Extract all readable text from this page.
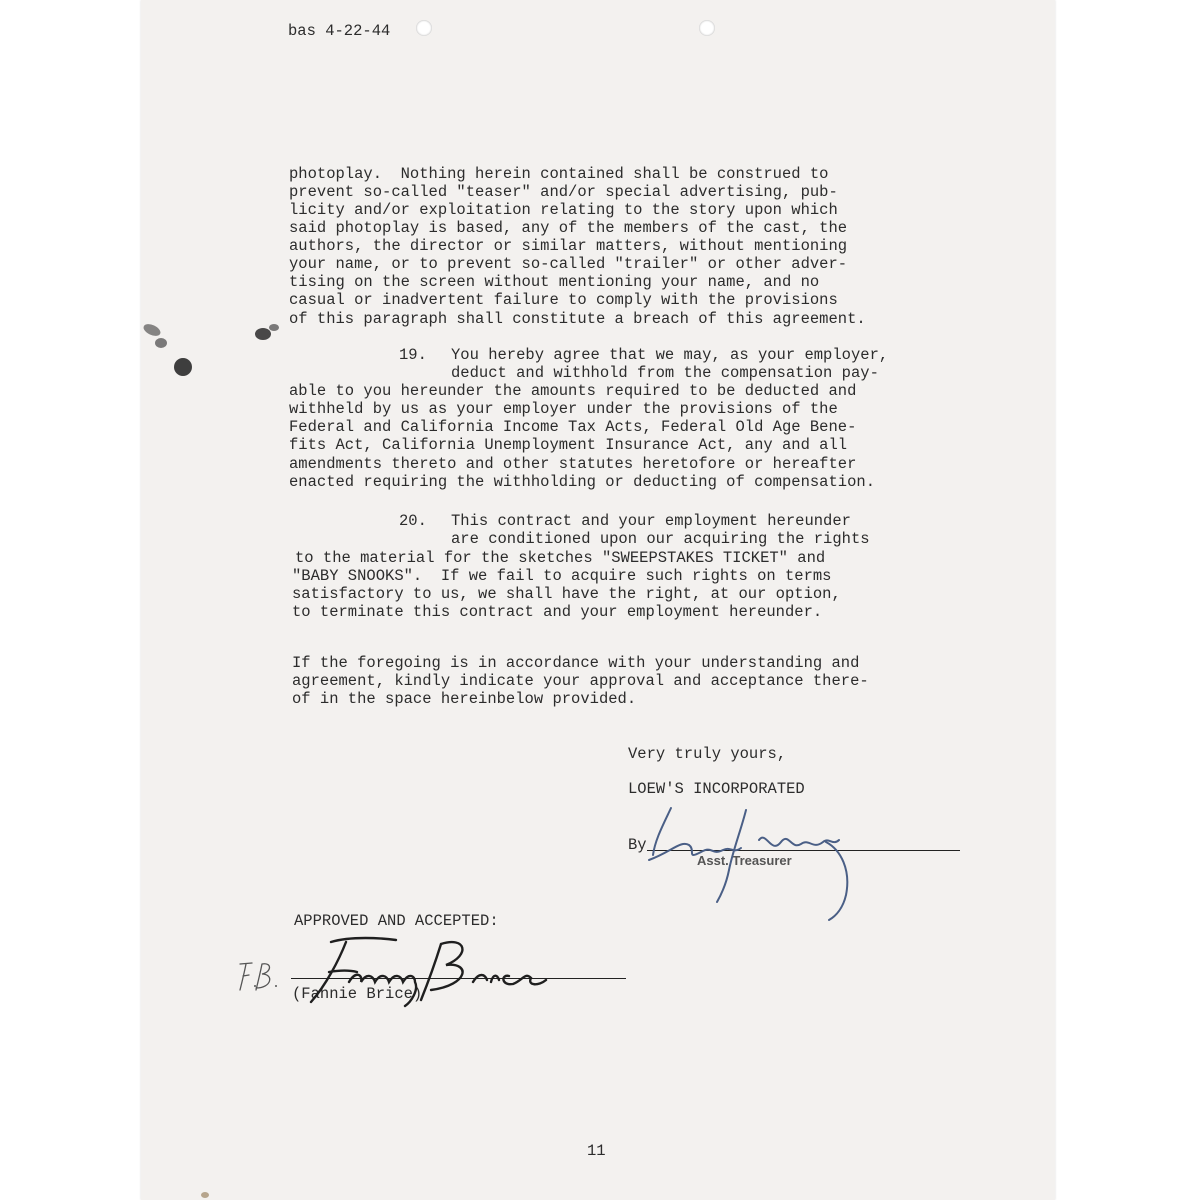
bas 4-22-44
photoplay.  Nothing herein contained shall be construed to
prevent so-called "teaser" and/or special advertising, pub-
licity and/or exploitation relating to the story upon which
said photoplay is based, any of the members of the cast, the
authors, the director or similar matters, without mentioning
your name, or to prevent so-called "trailer" or other adver-
tising on the screen without mentioning your name, and no
casual or inadvertent failure to comply with the provisions
of this paragraph shall constitute a breach of this agreement.
19. You hereby agree that we may, as your employer,
deduct and withhold from the compensation pay-
able to you hereunder the amounts required to be deducted and
withheld by us as your employer under the provisions of the
Federal and California Income Tax Acts, Federal Old Age Bene-
fits Act, California Unemployment Insurance Act, any and all
amendments thereto and other statutes heretofore or hereafter
enacted requiring the withholding or deducting of compensation.
20. This contract and your employment hereunder
are conditioned upon our acquiring the rights
to the material for the sketches "SWEEPSTAKES TICKET" and
"BABY SNOOKS".  If we fail to acquire such rights on terms
satisfactory to us, we shall have the right, at our option,
to terminate this contract and your employment hereunder.
If the foregoing is in accordance with your understanding and
agreement, kindly indicate your approval and acceptance there-
of in the space hereinbelow provided.
Very truly yours,
LOEW'S INCORPORATED
By
Asst. Treasurer
APPROVED AND ACCEPTED:
(Fannie Brice)
11
